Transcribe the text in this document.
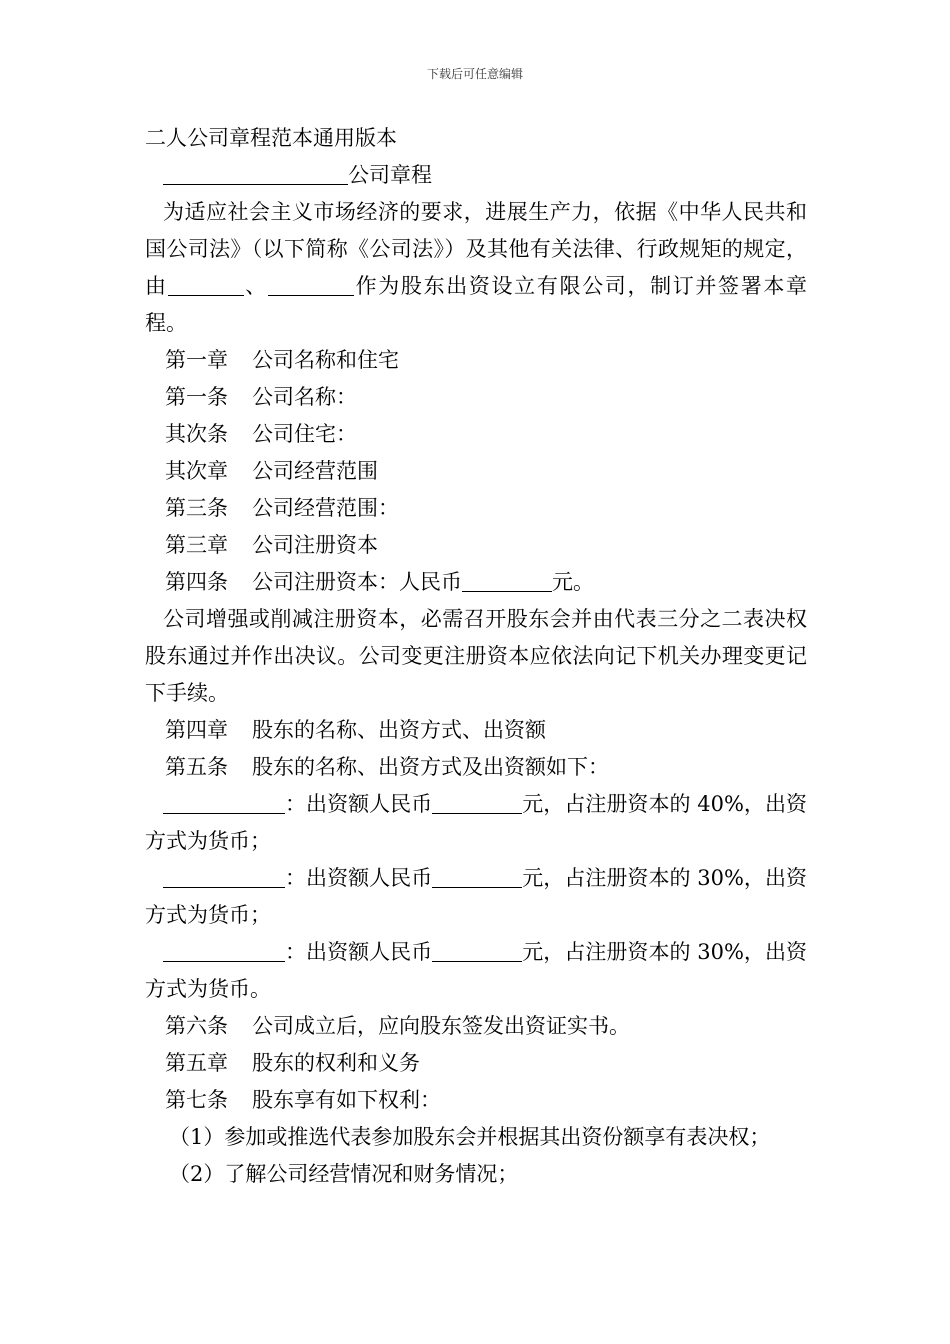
下载后可任意编辑

二人公司章程范本通用版本

公司章程

为适应社会主义市场经济的要求，进展生产力，依据《中华人民共和国公司法》（以下简称《公司法》）及其他有关法律、行政规矩的规定，由	、	作为股东出资设立有限公司，制订并签署本章程。

第一章 公司名称和住宅

第一条 公司名称：

其次条 公司住宅：

其次章 公司经营范围

第三条 公司经营范围：

第三章 公司注册资本

第四条 公司注册资本：人民币	元。

公司增强或削减注册资本，必需召开股东会并由代表三分之二表决权股东通过并作出决议。公司变更注册资本应依法向记下机关办理变更记下手续。

第四章 股东的名称、出资方式、出资额

第五条 股东的名称、出资方式及出资额如下：

：出资额人民币	元，占注册资本的 40%，出资方式为货币；

：出资额人民币	元，占注册资本的 30%，出资方式为货币；

：出资额人民币	元，占注册资本的 30%，出资方式为货币。

第六条 公司成立后，应向股东签发出资证实书。

第五章 股东的权利和义务

第七条 股东享有如下权利：

（1）参加或推选代表参加股东会并根据其出资份额享有表决权；

（2）了解公司经营情况和财务情况；
